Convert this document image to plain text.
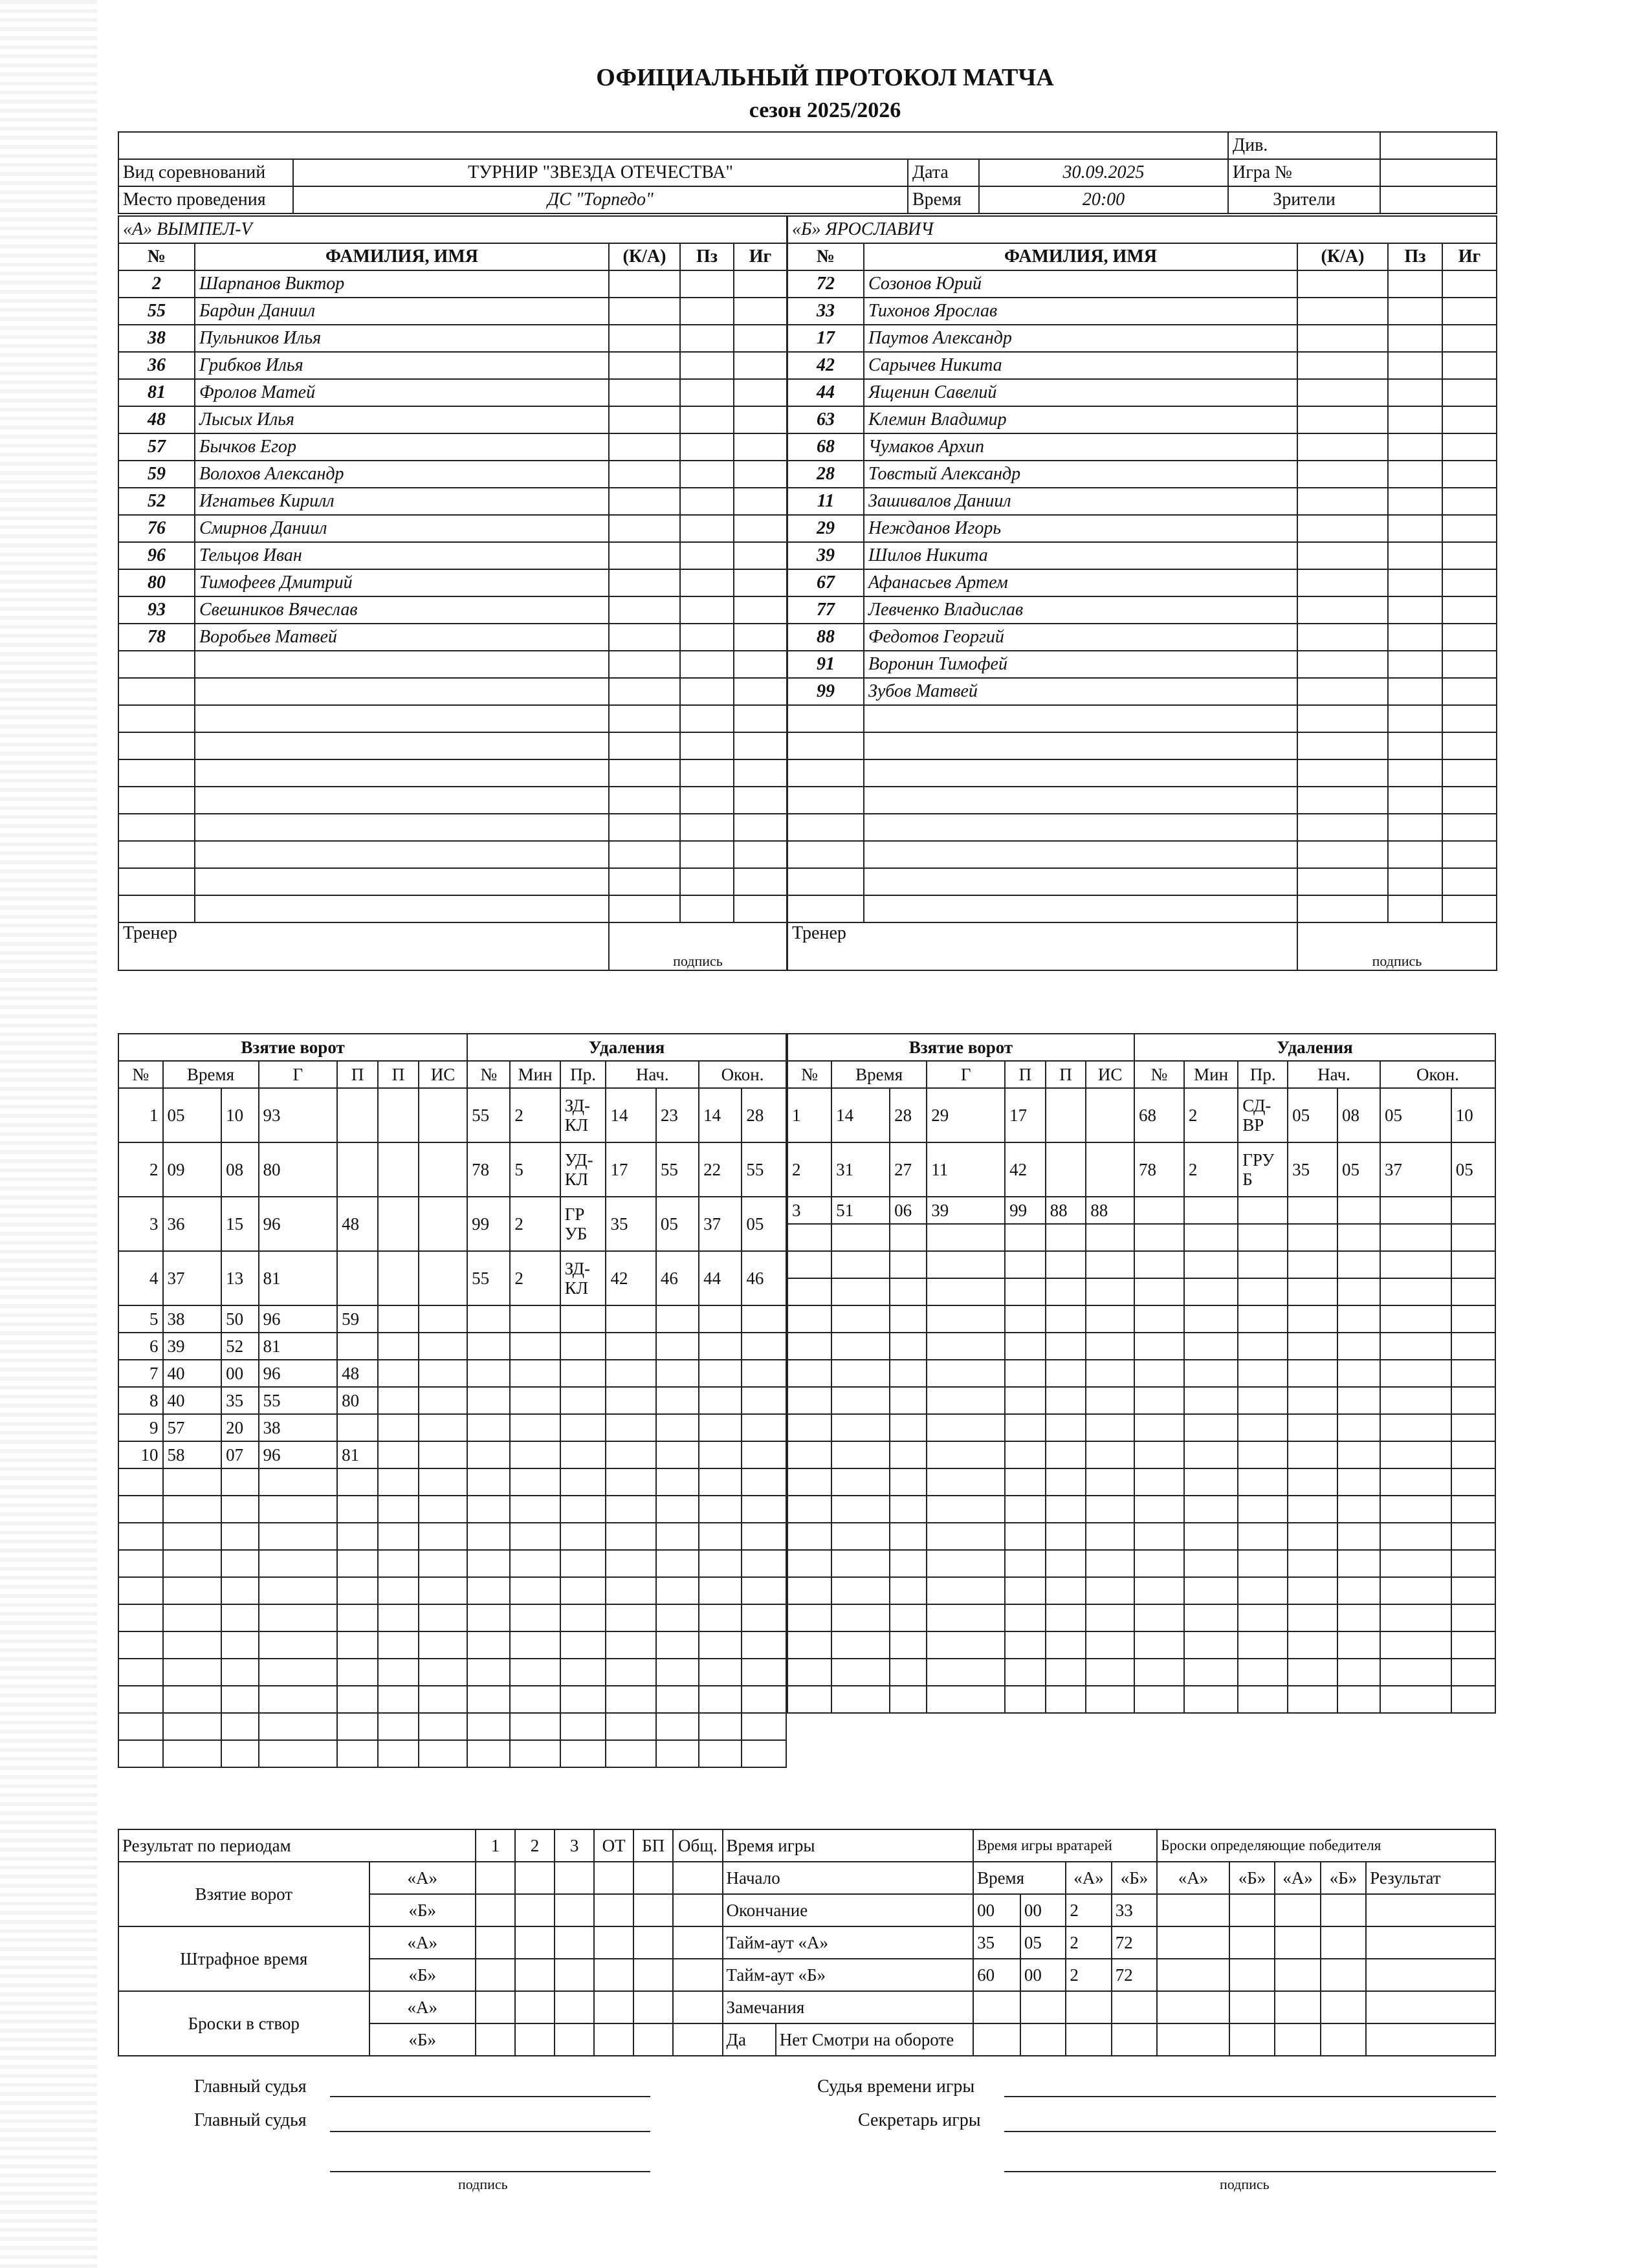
ОФИЦИАЛЬНЫЙ ПРОТОКОЛ МАТЧА
сезон 2025/2026
				Див.	
Вид соревнований	ТУРНИР "ЗВЕЗДА ОТЕЧЕСТВА"	Дата	30.09.2025	Игра №	
Место проведения	ДС "Торпедо"	Время	20:00	Зрители	
«А» ВЫМПЕЛ-V				
№	ФАМИЛИЯ, ИМЯ	(К/А)	Пз	Иг
2	Шарпанов Виктор			
55	Бардин Даниил			
38	Пульников Илья			
36	Грибков Илья			
81	Фролов Матей			
48	Лысых Илья			
57	Бычков Егор			
59	Волохов Александр			
52	Игнатьев Кирилл			
76	Смирнов Даниил			
96	Тельцов Иван			
80	Тимофеев Дмитрий			
93	Свешников Вячеслав			
78	Воробьев Матвей			

Тренер		подпись		
«Б» ЯРОСЛАВИЧ				
№	ФАМИЛИЯ, ИМЯ	(К/А)	Пз	Иг
72	Созонов Юрий			
33	Тихонов Ярослав			
17	Паутов Александр			
42	Сарычев Никита			
44	Ященин Савелий			
63	Клемин Владимир			
68	Чумаков Архип			
28	Товстый Александр			
11	Зашивалов Даниил			
29	Неждaнов Игорь			
39	Шилов Никита			
67	Афанасьев Артем			
77	Левченко Владислав			
88	Федотов Георгий			
91	Воронин Тимофей			
99	Зубов Матвей			

Тренер		подпись		
Взятие ворот							Удаления						
№	Время		Г	П	П	ИС	№	Мин	Пр.	Нач.		Окон.	
1	05	10	93				55	2	ЗД-КЛ	14	23	14	28
2	09	08	80				78	5	УД-КЛ	17	55	22	55
3	36	15	96	48			99	2	ГР УБ	35	05	37	05
4	37	13	81				55	2	ЗД-КЛ	42	46	44	46
5	38	50	96	59									
6	39	52	81										
7	40	00	96	48									
8	40	35	55	80									
9	57	20	38										
10	58	07	96	81									

Взятие ворот							Удаления						
№	Время		Г	П	П	ИС	№	Мин	Пр.	Нач.		Окон.	
1	14	28	29	17			68	2	СД-ВР	05	08	05	10
2	31	27	11	42			78	2	ГРУ Б	35	05	37	05
3	51	06	39	99	88	88							

Результат по периодам		1	2	3	ОТ	БП	Общ.	Время игры		Время игры вратарей				Броски определяющие победителя				
Взятие ворот	«А»							Начало		Время		«А»	«Б»	«А»	«Б»	«А»	«Б»	Результат
	«Б»							Окончание		00	00	2	33					
Штрафное время	«А»							Тайм-аут «А»		35	05	2	72					
	«Б»							Тайм-аут «Б»		60	00	2	72					
Броски в створ	«А»							Замечания										
	«Б»							Да	Нет Смотри на обороте									
Главный судья
Главный судья
подпись
Судья времени игры
Секретарь игры
подпись
